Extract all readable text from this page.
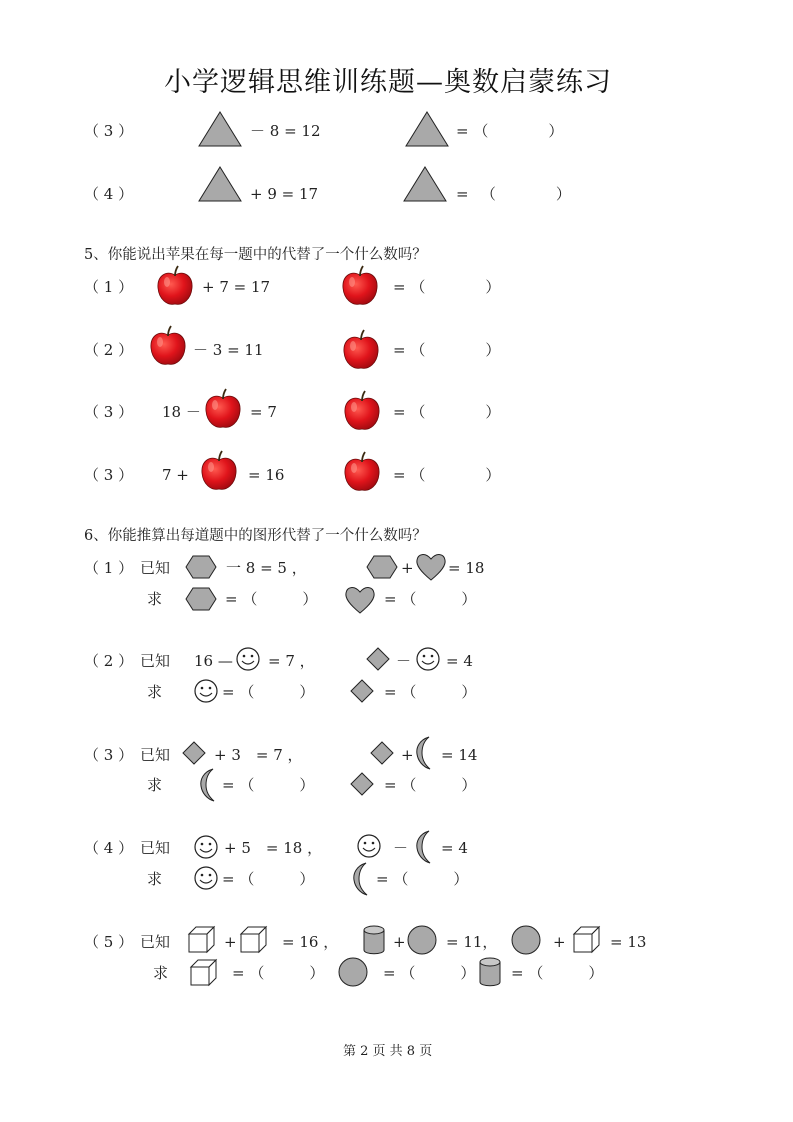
小学逻辑思维训练题—奥数启蒙练习
（ 3 ）	－ 8 = 12	= （　　　　）
（ 4 ）	+ 9 = 17	= 　（　　　　）
5、你能说出苹果在每一题中的代替了一个什么数吗？
（ 1 ）	+ 7 = 17	= （　　　　）
（ 2 ）	－ 3 = 11	= （　　　　）
（ 3 ） 18 －	= 7	= （　　　　）
（ 3 ） 7 +	= 16	= （　　　　）
6、你能推算出每道题中的图形代替了一个什么数吗？
（ 1 ） 已知	一 8 = 5 ，	+ = 18
求	= （　　　）	= （　　　）
（ 2 ） 已知 16 — = 7 ，	－ = 4
求	= （　　　）	= （　　　）
（ 3 ） 已知	+ 3　= 7 ，	+ = 14
求	= （　　　）	= （　　　）
（ 4 ） 已知	+ 5　= 18 ，	－ = 4
求	= （　　　）	= （　　　）
（ 5 ） 已知	+	= 16 ，	+	= 11，	+	= 13
求	= （　　　）	= （　　　） = （　　　）
第 2 页 共 8 页
